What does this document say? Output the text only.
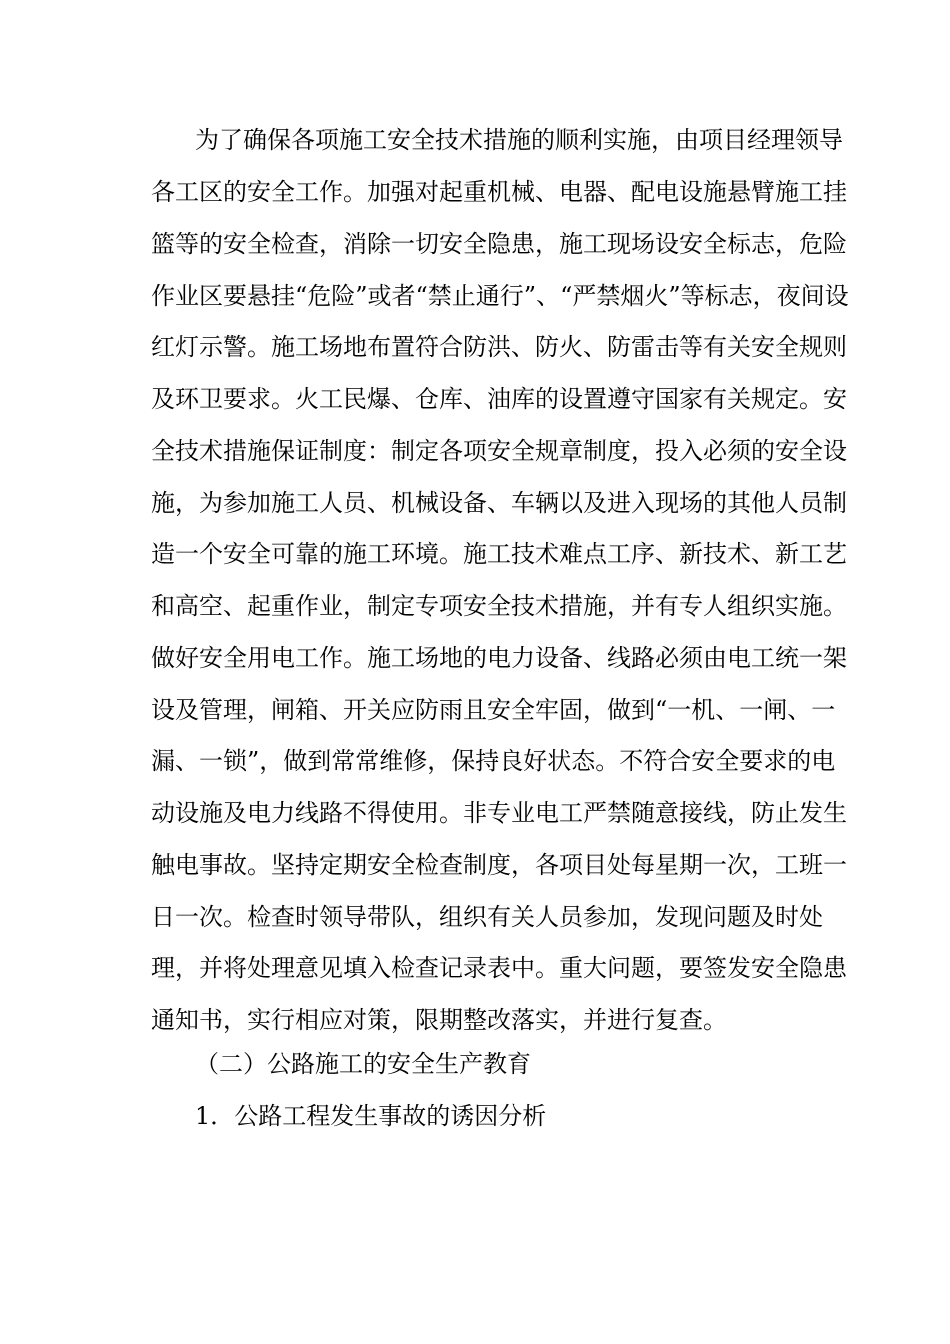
为了确保各项施工安全技术措施的顺利实施，由项目经理领导
各工区的安全工作。加强对起重机械、电器、配电设施悬臂施工挂
篮等的安全检查，消除一切安全隐患，施工现场设安全标志，危险
作业区要悬挂“危险”或者“禁止通行”、“严禁烟火”等标志，夜间设
红灯示警。施工场地布置符合防洪、防火、防雷击等有关安全规则
及环卫要求。火工民爆、仓库、油库的设置遵守国家有关规定。安
全技术措施保证制度：制定各项安全规章制度，投入必须的安全设
施，为参加施工人员、机械设备、车辆以及进入现场的其他人员制
造一个安全可靠的施工环境。施工技术难点工序、新技术、新工艺
和高空、起重作业，制定专项安全技术措施，并有专人组织实施。
做好安全用电工作。施工场地的电力设备、线路必须由电工统一架
设及管理，闸箱、开关应防雨且安全牢固，做到“一机、一闸、一
漏、一锁”，做到常常维修，保持良好状态。不符合安全要求的电
动设施及电力线路不得使用。非专业电工严禁随意接线，防止发生
触电事故。坚持定期安全检查制度，各项目处每星期一次，工班一
日一次。检查时领导带队，组织有关人员参加，发现问题及时处
理，并将处理意见填入检查记录表中。重大问题，要签发安全隐患
通知书，实行相应对策，限期整改落实，并进行复查。
（二）公路施工的安全生产教育
1．公路工程发生事故的诱因分析
